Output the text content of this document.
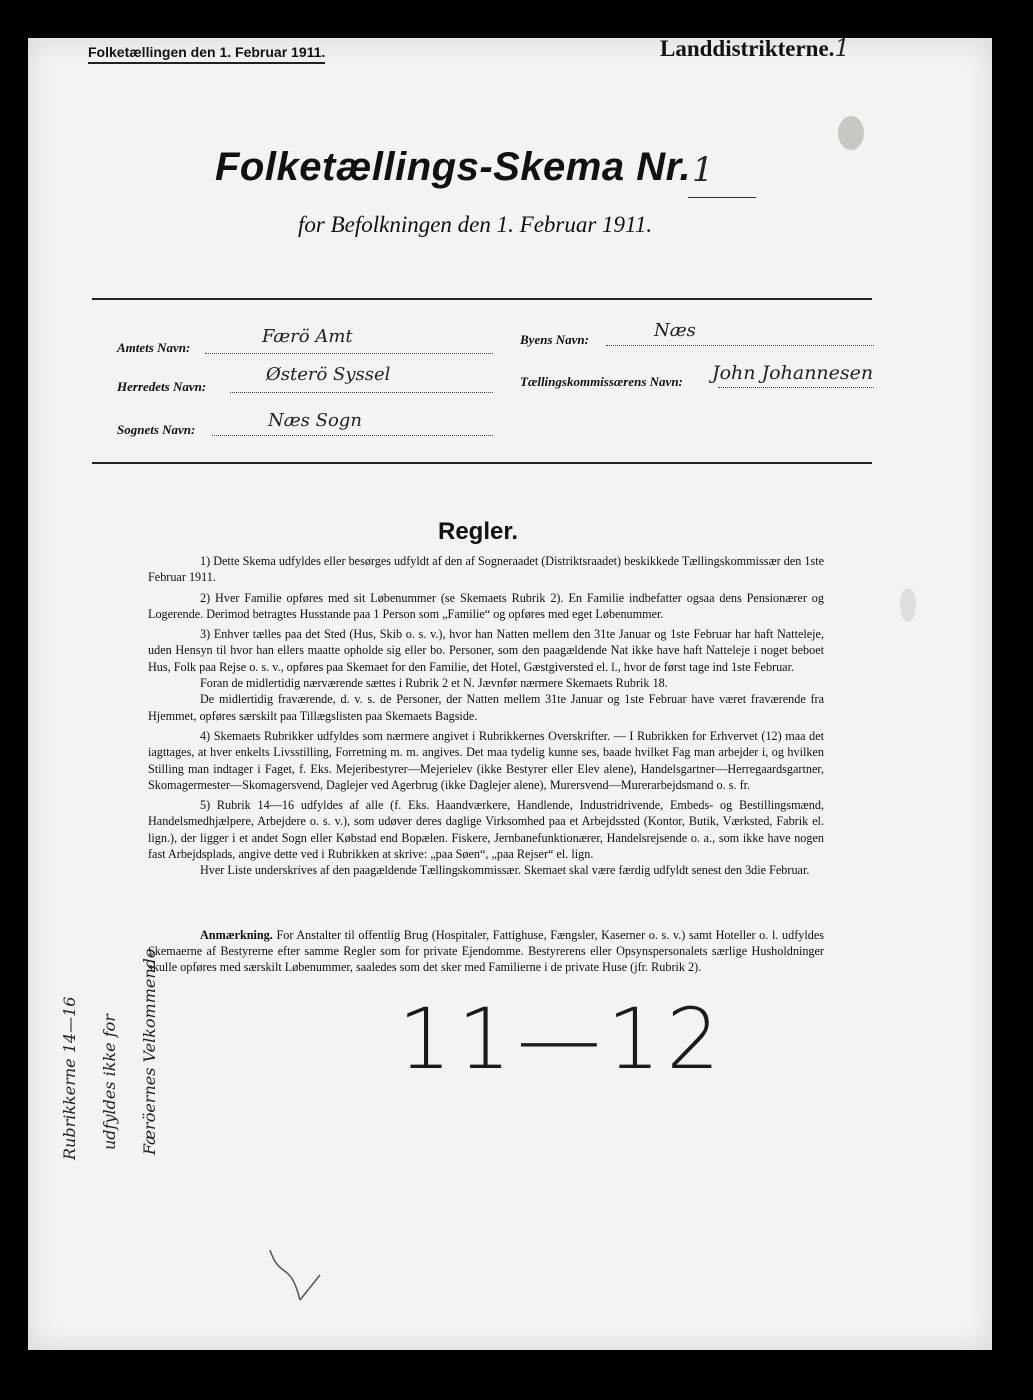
Folketællingen den 1. Februar 1911.	Landdistrikterne.1
Folketællings-Skema Nr. 1
for Befolkningen den 1. Februar 1911.
Amtets Navn:
Færö Amt
Herredets Navn:
Østerö Syssel
Sognets Navn:	Næs Sogn
Byens Navn:	Næs
Tællingskommissærens Navn: John Johannesen
Regler.

1) Dette Skema udfyldes eller besørges udfyldt af den af Sogneraadet (Distriktsraadet) beskikkede Tællingskommissær den 1ste Februar 1911.

2) Hver Familie opføres med sit Løbenummer (se Skemaets Rubrik 2). En Familie indbefatter ogsaa dens Pensionærer og Logerende. Derimod betragtes Husstande paa 1 Person som „Familie“ og opføres med eget Løbenummer.

3) Enhver tælles paa det Sted (Hus, Skib o. s. v.), hvor han Natten mellem den 31te Januar og 1ste Februar har haft Natteleje, uden Hensyn til hvor han ellers maatte opholde sig eller bo. Personer, som den paagældende Nat ikke have haft Natteleje i noget beboet Hus, Folk paa Rejse o. s. v., opføres paa Skemaet for den Familie, det Hotel, Gæstgiversted el. l., hvor de først tage ind 1ste Februar.

Foran de midlertidig nærværende sættes i Rubrik 2 et N. Jævnfør nærmere Skemaets Rubrik 18.

De midlertidig fraværende, d. v. s. de Personer, der Natten mellem 31te Januar og 1ste Februar have været fraværende fra Hjemmet, opføres særskilt paa Tillægslisten paa Skemaets Bagside.

4) Skemaets Rubrikker udfyldes som nærmere angivet i Rubrikkernes Overskrifter. — I Rubrikken for Erhvervet (12) maa det iagttages, at hver enkelts Livsstilling, Forretning m. m. angives. Det maa tydelig kunne ses, baade hvilket Fag man arbejder i, og hvilken Stilling man indtager i Faget, f. Eks. Mejeribestyrer—Mejerielev (ikke Bestyrer eller Elev alene), Handelsgartner—Herregaardsgartner, Skomagermester—Skomagersvend, Daglejer ved Agerbrug (ikke Daglejer alene), Murersvend—Murerarbejdsmand o. s. fr.

5) Rubrik 14—16 udfyldes af alle (f. Eks. Haandværkere, Handlende, Industridrivende, Embeds- og Bestillingsmænd, Handelsmedhjælpere, Arbejdere o. s. v.), som udøver deres daglige Virksomhed paa et Arbejdssted (Kontor, Butik, Værksted, Fabrik el. lign.), der ligger i et andet Sogn eller Købstad end Bopælen. Fiskere, Jernbanefunktionærer, Handelsrejsende o. a., som ikke have nogen fast Arbejdsplads, angive dette ved i Rubrikken at skrive: „paa Søen“, „paa Rejser“ el. lign.

Hver Liste underskrives af den paagældende Tællingskommissær. Skemaet skal være færdig udfyldt senest den 3die Februar.

Anmærkning. For Anstalter til offentlig Brug (Hospitaler, Fattighuse, Fængsler, Kaserner o. s. v.) samt Hoteller o. l. udfyldes Skemaerne af Bestyrerne efter samme Regler som for private Ejendomme. Bestyrerens eller Opsynspersonalets særlige Husholdninger skulle opføres med særskilt Løbenummer, saaledes som det sker med Familierne i de private Huse (jfr. Rubrik 2).

11—12
Rubrikkerne 14—16 udfyldes ikke for Færöernes Velkommende
